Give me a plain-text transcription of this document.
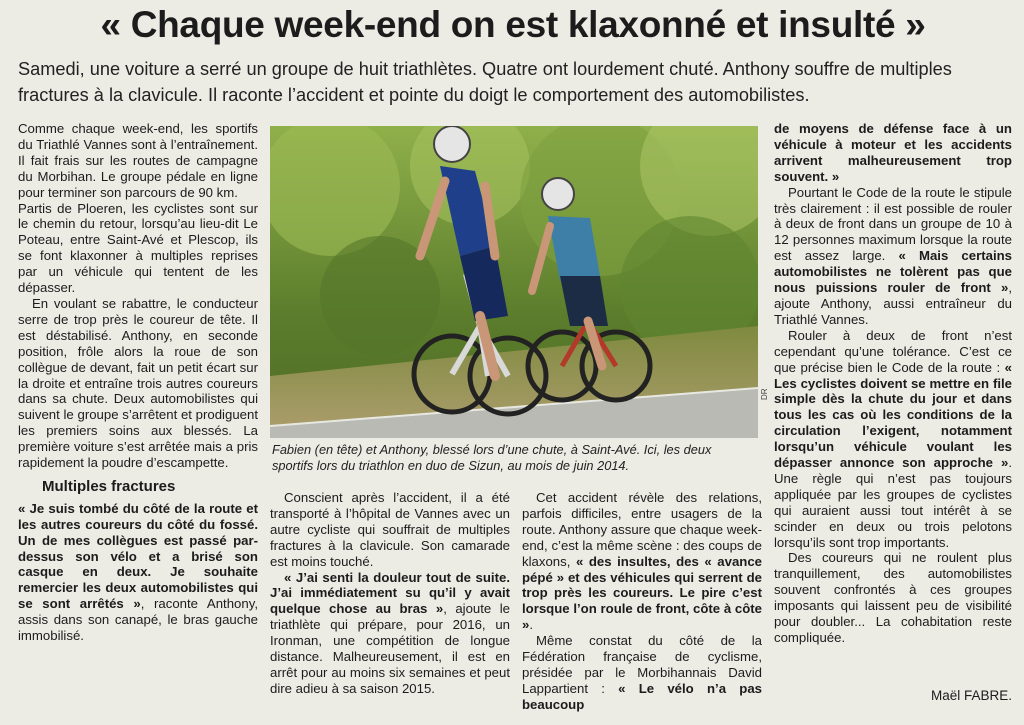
« Chaque week-end on est klaxonné et insulté »
Samedi, une voiture a serré un groupe de huit triathlètes. Quatre ont lourdement chuté. Anthony souffre de multiples fractures à la clavicule. Il raconte l’accident et pointe du doigt le comportement des automobilistes.

Comme chaque week-end, les sportifs du Triathlé Vannes sont à l’entraînement. Il fait frais sur les routes de campagne du Morbihan. Le groupe pédale en ligne pour terminer son parcours de 90 km.

Partis de Ploeren, les cyclistes sont sur le chemin du retour, lorsqu’au lieu-dit Le Poteau, entre Saint-Avé et Plescop, ils se font klaxonner à multiples reprises par un véhicule qui tentent de les dépasser.

En voulant se rabattre, le conducteur serre de trop près le coureur de tête. Il est déstabilisé. Anthony, en seconde position, frôle alors la roue de son collègue de devant, fait un petit écart sur la droite et entraîne trois autres coureurs dans sa chute. Deux automobilistes qui suivent le groupe s’arrêtent et prodiguent les premiers soins aux blessés. La première voiture s’est arrêtée mais a pris rapidement la poudre d’escampette.

Multiples fractures

« Je suis tombé du côté de la route et les autres coureurs du côté du fossé. Un de mes collègues est passé par-dessus son vélo et a brisé son casque en deux. Je souhaite remercier les deux automobilistes qui se sont arrêtés », raconte Anthony, assis dans son canapé, le bras gauche immobilisé.

DR
Fabien (en tête) et Anthony, blessé lors d’une chute, à Saint-Avé. Ici, les deux sportifs lors du triathlon en duo de Sizun, au mois de juin 2014.

Conscient après l’accident, il a été transporté à l’hôpital de Vannes avec un autre cycliste qui souffrait de multiples fractures à la clavicule. Son camarade est moins touché.

« J’ai senti la douleur tout de suite. J’ai immédiatement su qu’il y avait quelque chose au bras », ajoute le triathlète qui prépare, pour 2016, un Ironman, une compétition de longue distance. Malheureusement, il est en arrêt pour au moins six semaines et peut dire adieu à sa saison 2015.

Cet accident révèle des relations, parfois difficiles, entre usagers de la route. Anthony assure que chaque week-end, c’est la même scène : des coups de klaxons, « des insultes, des « avance pépé » et des véhicules qui serrent de trop près les coureurs. Le pire c’est lorsque l’on roule de front, côte à côte ».

Même constat du côté de la Fédération française de cyclisme, présidée par le Morbihannais David Lappartient : « Le vélo n’a pas beaucoup

de moyens de défense face à un véhicule à moteur et les accidents arrivent malheureusement trop souvent. »

Pourtant le Code de la route le stipule très clairement : il est possible de rouler à deux de front dans un groupe de 10 à 12 personnes maximum lorsque la route est assez large. « Mais certains automobilistes ne tolèrent pas que nous puissions rouler de front », ajoute Anthony, aussi entraîneur du Triathlé Vannes.

Rouler à deux de front n’est cependant qu’une tolérance. C’est ce que précise bien le Code de la route : « Les cyclistes doivent se mettre en file simple dès la chute du jour et dans tous les cas où les conditions de la circulation l’exigent, notamment lorsqu’un véhicule voulant les dépasser annonce son approche ». Une règle qui n’est pas toujours appliquée par les groupes de cyclistes qui auraient aussi tout intérêt à se scinder en deux ou trois pelotons lorsqu’ils sont trop importants.

Des coureurs qui ne roulent plus tranquillement, des automobilistes souvent confrontés à ces groupes imposants qui laissent peu de visibilité pour doubler... La cohabitation reste compliquée.

Maël FABRE.
